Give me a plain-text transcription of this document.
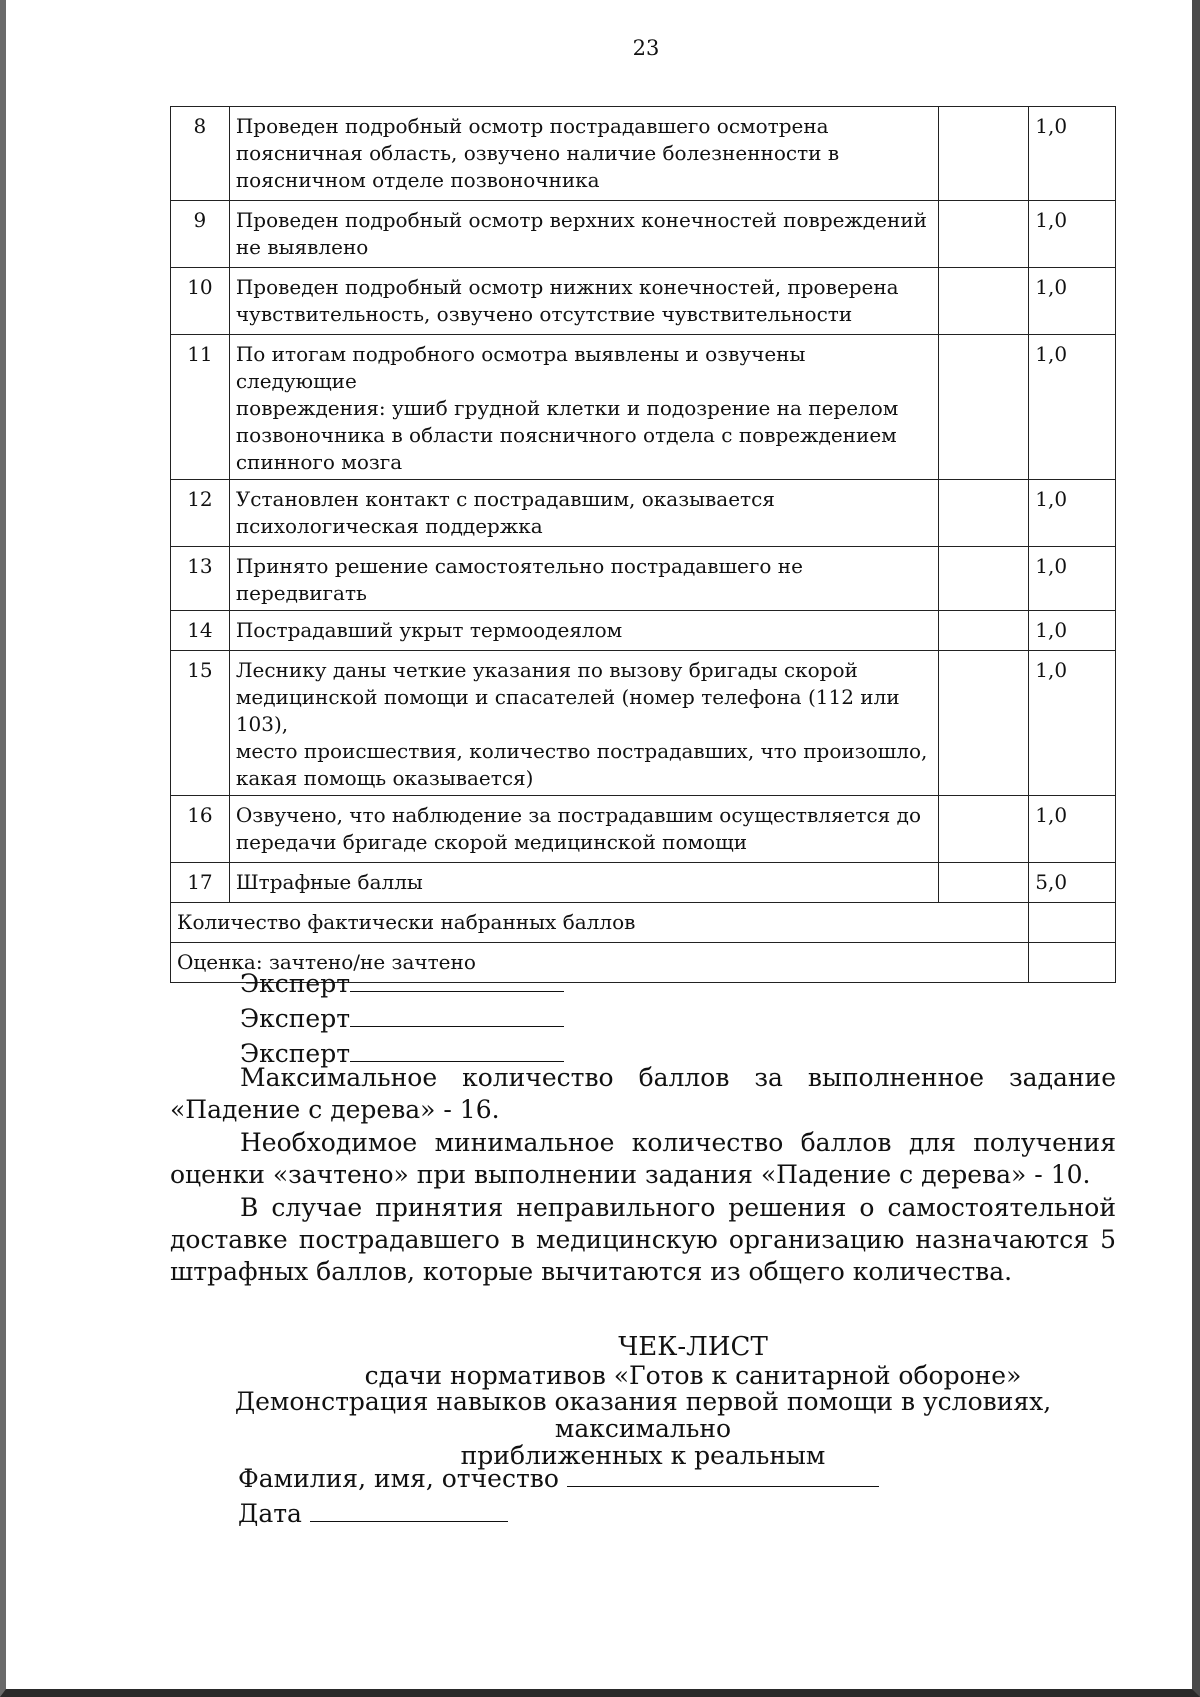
23
8	Проведен подробный осмотр пострадавшего осмотрена
поясничная область, озвучено наличие болезненности в
поясничном отделе позвоночника		1,0
9	Проведен подробный осмотр верхних конечностей повреждений
не выявлено		1,0
10	Проведен подробный осмотр нижних конечностей, проверена
чувствительность, озвучено отсутствие чувствительности		1,0
11	По итогам подробного осмотра выявлены и озвучены следующие
повреждения: ушиб грудной клетки и подозрение на перелом
позвоночника в области поясничного отдела с повреждением
спинного мозга		1,0
12	Установлен контакт с пострадавшим, оказывается
психологическая поддержка		1,0
13	Принято решение самостоятельно пострадавшего не передвигать		1,0
14	Пострадавший укрыт термоодеялом		1,0
15	Леснику даны четкие указания по вызову бригады скорой
медицинской помощи и спасателей (номер телефона (112 или 103),
место происшествия, количество пострадавших, что произошло,
какая помощь оказывается)		1,0
16	Озвучено, что наблюдение за пострадавшим осуществляется до
передачи бригаде скорой медицинской помощи		1,0
17	Штрафные баллы		5,0
Количество фактически набранных баллов			
Оценка: зачтено/не зачтено			
Эксперт
Эксперт
Эксперт
Максимальное количество баллов за выполненное задание «Падение с дерева» - 16.
Необходимое минимальное количество баллов для получения оценки «зачтено» при выполнении задания «Падение с дерева» - 10.
В случае принятия неправильного решения о самостоятельной доставке пострадавшего в медицинскую организацию назначаются 5 штрафных баллов, которые вычитаются из общего количества.
ЧЕК-ЛИСТ
сдачи нормативов «Готов к санитарной обороне»
Демонстрация навыков оказания первой помощи в условиях, максимально
приближенных к реальным
Фамилия, имя, отчество
Дата
